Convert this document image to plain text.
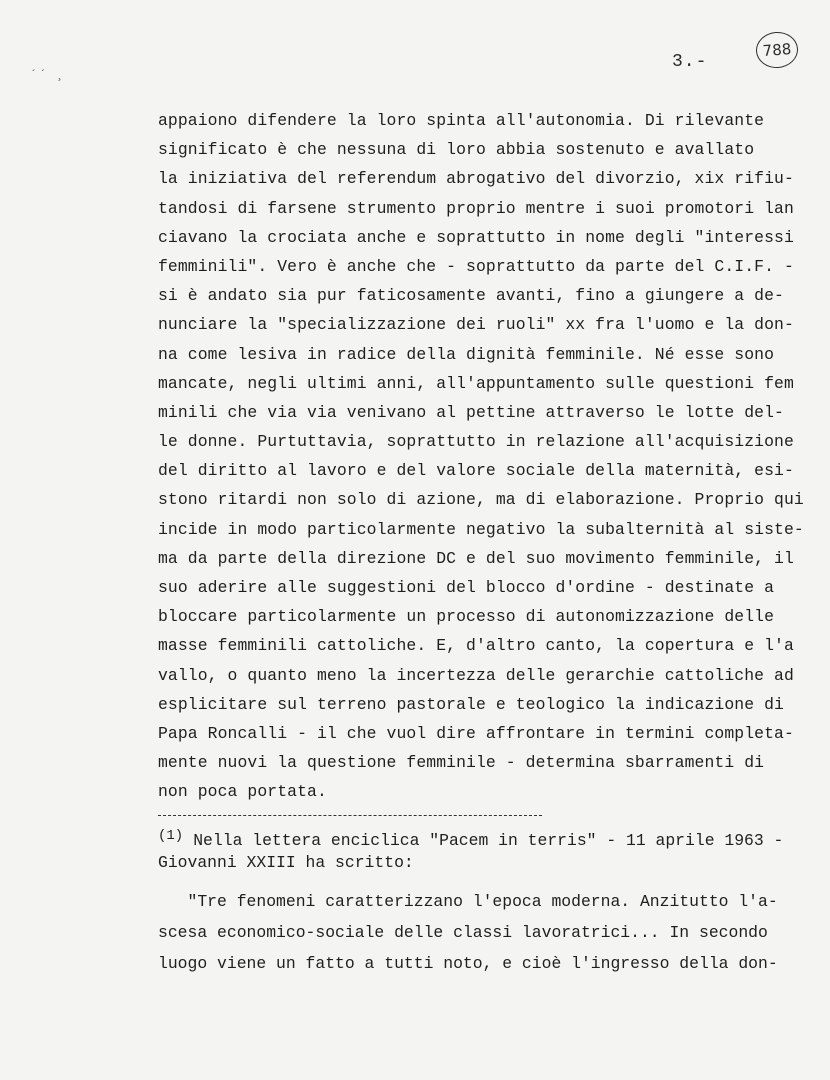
´´ ¸
3.-
788
appaiono difendere la loro spinta all'autonomia. Di rilevante
significato è che nessuna di loro abbia sostenuto e avallato
la iniziativa del referendum abrogativo del divorzio, xix rifiu-
tandosi di farsene strumento proprio mentre i suoi promotori lan
ciavano la crociata anche e soprattutto in nome degli "interessi
femminili". Vero è anche che - soprattutto da parte del C.I.F. -
si è andato sia pur faticosamente avanti, fino a giungere a de-
nunciare la "specializzazione dei ruoli" xx fra l'uomo e la don-
na come lesiva in radice della dignità femminile. Né esse sono
mancate, negli ultimi anni, all'appuntamento sulle questioni fem
minili che via via venivano al pettine attraverso le lotte del-
le donne. Purtuttavia, soprattutto in relazione all'acquisizione
del diritto al lavoro e del valore sociale della maternità, esi-
stono ritardi non solo di azione, ma di elaborazione. Proprio qui
incide in modo particolarmente negativo la subalternità al siste-
ma da parte della direzione DC e del suo movimento femminile, il
suo aderire alle suggestioni del blocco d'ordine - destinate a
bloccare particolarmente un processo di autonomizzazione delle
masse femminili cattoliche. E, d'altro canto, la copertura e l'a
vallo, o quanto meno la incertezza delle gerarchie cattoliche ad
esplicitare sul terreno pastorale e teologico la indicazione di
Papa Roncalli - il che vuol dire affrontare in termini completa-
mente nuovi la questione femminile - determina sbarramenti di
non poca portata.
(1) Nella lettera enciclica "Pacem in terris" - 11 aprile 1963 -
Giovanni XXIII ha scritto:
"Tre fenomeni caratterizzano l'epoca moderna. Anzitutto l'a-
scesa economico-sociale delle classi lavoratrici... In secondo
luogo viene un fatto a tutti noto, e cioè l'ingresso della don-
